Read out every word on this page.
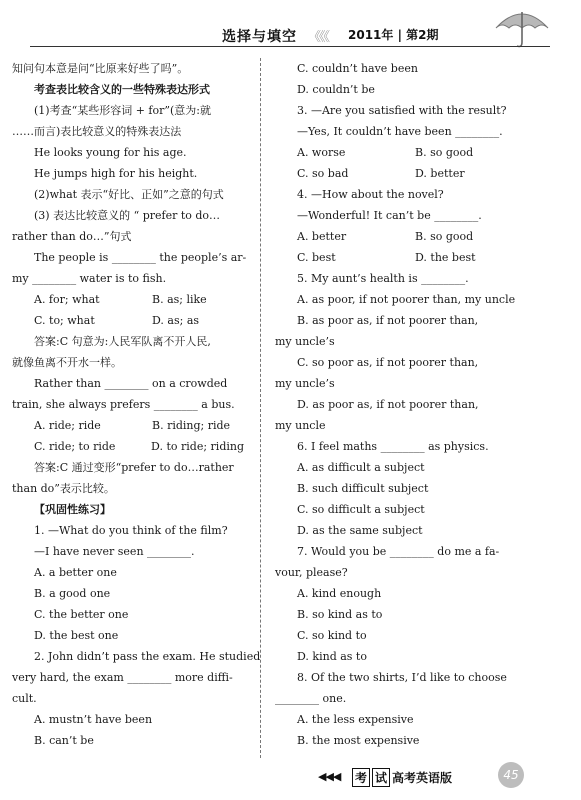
选择与填空 《《《 2011年 | 第2期

知问句本意是问“比原来好些了吗”。

考查表比较含义的一些特殊表达形式

(1)考查“某些形容词 + for”(意为:就

……而言)表比较意义的特殊表达法

He looks young for his age.

He jumps high for his height.

(2)what 表示“好比、正如”之意的句式

(3) 表达比较意义的 “ prefer to do…

rather than do…”句式

The people is ________ the people’s ar-

my ________ water is to fish.

A. for; what	B. as; like

C. to; what	D. as; as

答案:C 句意为:人民军队离不开人民,

就像鱼离不开水一样。

Rather than ________ on a crowded

train, she always prefers ________ a bus.

A. ride; ride	B. riding; ride

C. ride; to ride	D. to ride; riding

答案:C 通过变形“prefer to do…rather

than do”表示比较。

【巩固性练习】

1. —What do you think of the film?

—I have never seen ________.

A. a better one

B. a good one

C. the better one

D. the best one

2. John didn’t pass the exam. He studied

very hard, the exam ________ more diffi-

cult.

A. mustn’t have been

B. can’t be

C. couldn’t have been

D. couldn’t be

3. —Are you satisfied with the result?

—Yes, It couldn’t have been ________.

A. worse	B. so good

C. so bad	D. better

4. —How about the novel?

—Wonderful! It can’t be ________.

A. better	B. so good

C. best	D. the best

5. My aunt’s health is ________.

A. as poor, if not poorer than, my uncle

B. as poor as, if not poorer than,

my uncle’s

C. so poor as, if not poorer than,

my uncle’s

D. as poor as, if not poorer than,

my uncle

6. I feel maths ________ as physics.

A. as difficult a subject

B. such difficult subject

C. so difficult a subject

D. as the same subject

7. Would you be ________ do me a fa-

vour, please?

A. kind enough

B. so kind as to

C. so kind to

D. kind as to

8. Of the two shirts, I’d like to choose

________ one.

A. the less expensive

B. the most expensive

◀◀◀ 考 试 高考英语版	45
